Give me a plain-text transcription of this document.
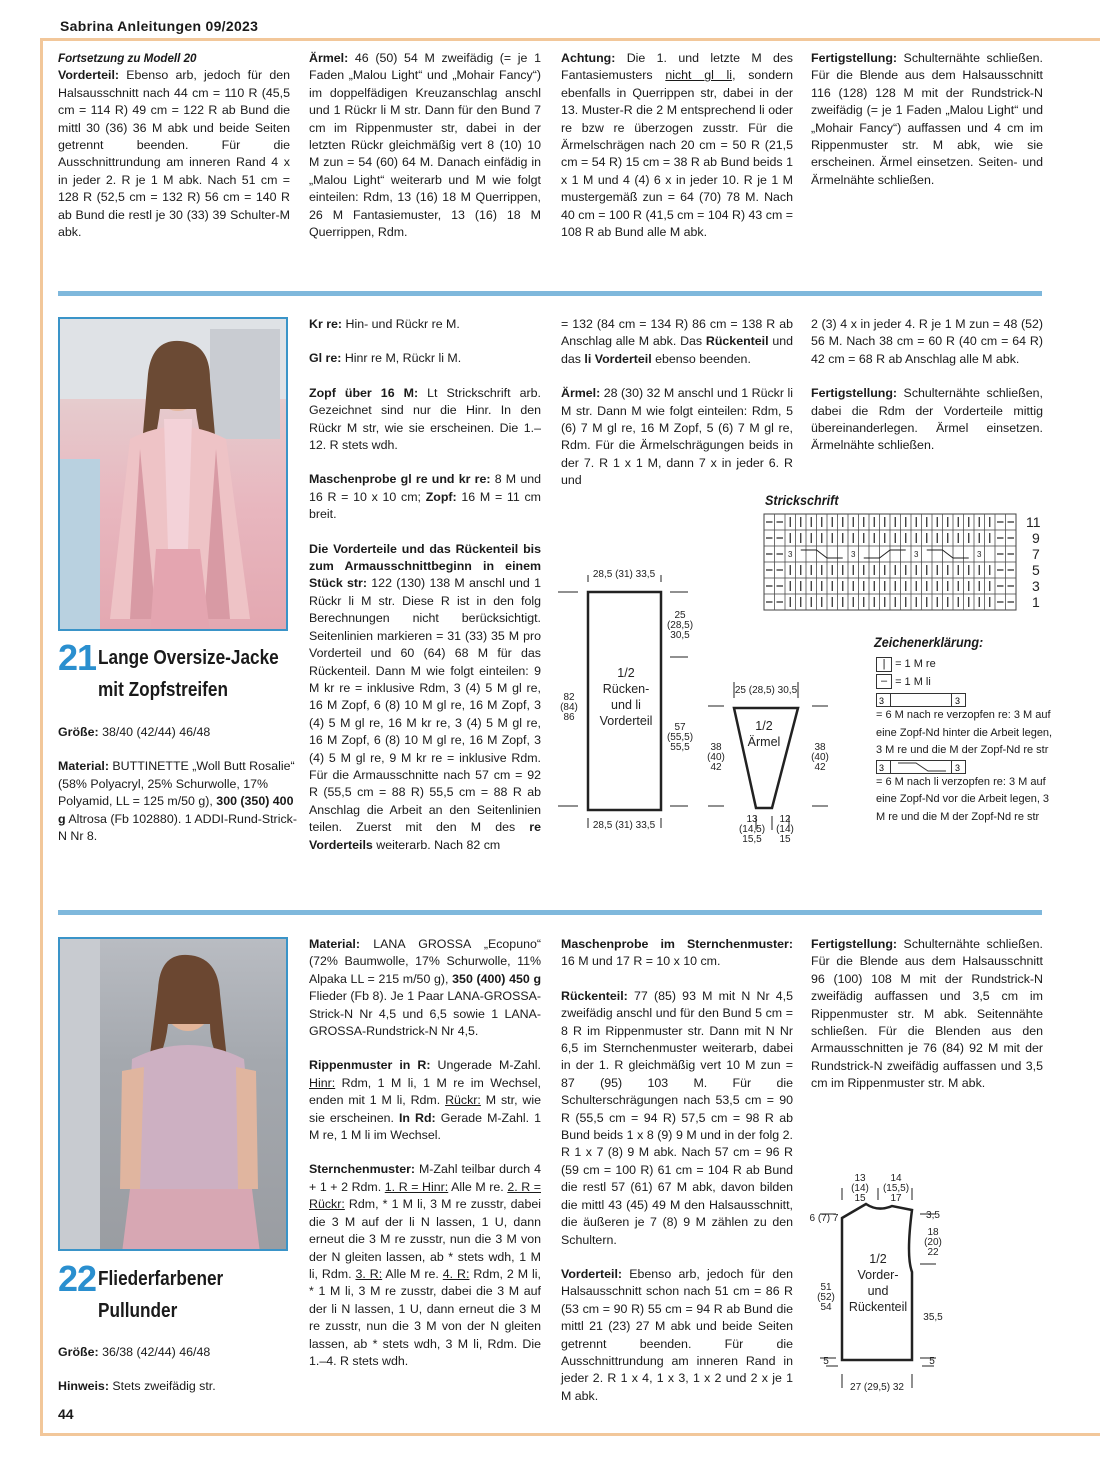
Sabrina Anleitungen 09/2023
Fortsetzung zu Modell 20

Vorderteil: Ebenso arb, jedoch für den Halsausschnitt nach 44 cm = 110 R (45,5 cm = 114 R) 49 cm = 122 R ab Bund die mittl 30 (36) 36 M abk und beide Seiten getrennt beenden. Für die Ausschnittrundung am inneren Rand 4 x in jeder 2. R je 1 M abk. Nach 51 cm = 128 R (52,5 cm = 132 R) 56 cm = 140 R ab Bund die restl je 30 (33) 39 Schulter-M abk.

Ärmel: 46 (50) 54 M zweifädig (= je 1 Faden „Malou Light“ und „Mohair Fancy“) im doppelfädigen Kreuzanschlag anschl und 1 Rückr li M str. Dann für den Bund 7 cm im Rippenmuster str, dabei in der letzten Rückr gleichmäßig vert 8 (10) 10 M zun = 54 (60) 64 M. Danach einfädig in „Malou Light“ weiterarb und M wie folgt einteilen: Rdm, 13 (16) 18 M Querrippen, 26 M Fantasiemuster, 13 (16) 18 M Querrippen, Rdm.

Achtung: Die 1. und letzte M des Fantasiemusters nicht gl li, sondern ebenfalls in Querrippen str, dabei in der 13. Muster-R die 2 M entsprechend li oder re bzw re überzogen zusstr. Für die Ärmelschrägen nach 20 cm = 50 R (21,5 cm = 54 R) 15 cm = 38 R ab Bund beids 1 x 1 M und 4 (4) 6 x in jeder 10. R je 1 M mustergemäß zun = 64 (70) 78 M. Nach 40 cm = 100 R (41,5 cm = 104 R) 43 cm = 108 R ab Bund alle M abk.

Fertigstellung: Schulternähte schließen. Für die Blende aus dem Halsausschnitt 116 (128) 128 M mit der Rundstrick-N zweifädig (= je 1 Faden „Malou Light“ und „Mohair Fancy“) auffassen und 4 cm im Rippenmuster str. M abk, wie sie erscheinen. Ärmel einsetzen. Seiten- und Ärmelnähte schließen.

21 Lange Oversize-Jacke
mit Zopfstreifen

Größe: 38/40 (42/44) 46/48

Material: BUTTINETTE „Woll Butt Rosalie“ (58% Polyacryl, 25% Schurwolle, 17% Polyamid, LL = 125 m/50 g), 300 (350) 400 g Altrosa (Fb 102880). 1 ADDI-Rund-Strick-N Nr 8.

Kr re: Hin- und Rückr re M.

Gl re: Hinr re M, Rückr li M.

Zopf über 16 M: Lt Strickschrift arb. Gezeichnet sind nur die Hinr. In den Rückr M str, wie sie erscheinen. Die 1.–12. R stets wdh.

Maschenprobe gl re und kr re: 8 M und 16 R = 10 x 10 cm; Zopf: 16 M = 11 cm breit.

Die Vorderteile und das Rückenteil bis zum Armausschnittbeginn in einem Stück str: 122 (130) 138 M anschl und 1 Rückr li M str. Diese R ist in den folg Berechnungen nicht berücksichtigt. Seitenlinien markieren = 31 (33) 35 M pro Vorderteil und 60 (64) 68 M für das Rückenteil. Dann M wie folgt einteilen: 9 M kr re = inklusive Rdm, 3 (4) 5 M gl re, 16 M Zopf, 6 (8) 10 M gl re, 16 M Zopf, 3 (4) 5 M gl re, 16 M kr re, 3 (4) 5 M gl re, 16 M Zopf, 6 (8) 10 M gl re, 16 M Zopf, 3 (4) 5 M gl re, 9 M kr re = inklusive Rdm. Für die Armausschnitte nach 57 cm = 92 R (55,5 cm = 88 R) 55,5 cm = 88 R ab Anschlag die Arbeit an den Seitenlinien teilen. Zuerst mit den M des re Vorderteils weiterarb. Nach 82 cm

= 132 (84 cm = 134 R) 86 cm = 138 R ab Anschlag alle M abk. Das Rückenteil und das li Vorderteil ebenso beenden.

Ärmel: 28 (30) 32 M anschl und 1 Rückr li M str. Dann M wie folgt einteilen: Rdm, 5 (6) 7 M gl re, 16 M Zopf, 5 (6) 7 M gl re, Rdm. Für die Ärmelschrägungen beids in der 7. R 1 x 1 M, dann 7 x in jeder 6. R und

2 (3) 4 x in jeder 4. R je 1 M zun = 48 (52) 56 M. Nach 38 cm = 60 R (40 cm = 64 R) 42 cm = 68 R ab Anschlag alle M abk.

Fertigstellung: Schulternähte schließen, dabei die Rdm der Vorderteile mittig übereinanderlegen. Ärmel einsetzen. Ärmelnähte schließen.

Strickschrift
3	3
3	3
11
9
7
5
3
1
Zeichenerklärung:
| = 1 M re
– = 1 M li
3	3
= 6 M nach re verzopfen re: 3 M auf eine Zopf-Nd hinter die Arbeit legen, 3 M re und die M der Zopf-Nd re str
3	3
= 6 M nach li verzopfen re: 3 M auf eine Zopf-Nd vor die Arbeit legen, 3 M re und die M der Zopf-Nd re str
28,5 (31) 33,5
28,5 (31) 33,5
82
(84)
86
25
(28,5)
30,5
57
(55,5)
55,5 38
(40)
42
38
(40)
42
25 (28,5) 30,5
13
(14,5)
15,5
12
(14)
15
1/2
Rücken-
und li
Vorderteil	1/2
Ärmel
22 Fliederfarbener
Pullunder

Größe: 36/38 (42/44) 46/48

Hinweis: Stets zweifädig str.

Material: LANA GROSSA „Ecopuno“ (72% Baumwolle, 17% Schurwolle, 11% Alpaka LL = 215 m/50 g), 350 (400) 450 g Flieder (Fb 8). Je 1 Paar LANA-GROSSA-Strick-N Nr 4,5 und 6,5 sowie 1 LANA-GROSSA-Rundstrick-N Nr 4,5.

Rippenmuster in R: Ungerade M-Zahl. Hinr: Rdm, 1 M li, 1 M re im Wechsel, enden mit 1 M li, Rdm. Rückr: M str, wie sie erscheinen. In Rd: Gerade M-Zahl. 1 M re, 1 M li im Wechsel.

Sternchenmuster: M-Zahl teilbar durch 4 + 1 + 2 Rdm. 1. R = Hinr: Alle M re. 2. R = Rückr: Rdm, * 1 M li, 3 M re zusstr, dabei die 3 M auf der li N lassen, 1 U, dann erneut die 3 M re zusstr, nun die 3 M von der N gleiten lassen, ab * stets wdh, 1 M li, Rdm. 3. R: Alle M re. 4. R: Rdm, 2 M li, * 1 M li, 3 M re zusstr, dabei die 3 M auf der li N lassen, 1 U, dann erneut die 3 M re zusstr, nun die 3 M von der N gleiten lassen, ab * stets wdh, 3 M li, Rdm. Die 1.–4. R stets wdh.

Maschenprobe im Sternchenmuster: 16 M und 17 R = 10 x 10 cm.

Rückenteil: 77 (85) 93 M mit N Nr 4,5 zweifädig anschl und für den Bund 5 cm = 8 R im Rippenmuster str. Dann mit N Nr 6,5 im Sternchenmuster weiterarb, dabei in der 1. R gleichmäßig vert 10 M zun = 87 (95) 103 M. Für die Schulterschrägungen nach 53,5 cm = 90 R (55,5 cm = 94 R) 57,5 cm = 98 R ab Bund beids 1 x 8 (9) 9 M und in der folg 2. R 1 x 7 (8) 9 M abk. Nach 57 cm = 96 R (59 cm = 100 R) 61 cm = 104 R ab Bund die restl 57 (61) 67 M abk, davon bilden die mittl 43 (45) 49 M den Halsausschnitt, die äußeren je 7 (8) 9 M zählen zu den Schultern.

Vorderteil: Ebenso arb, jedoch für den Halsausschnitt schon nach 51 cm = 86 R (53 cm = 90 R) 55 cm = 94 R ab Bund die mittl 21 (23) 27 M abk und beide Seiten getrennt beenden. Für die Ausschnittrundung am inneren Rand in jeder 2. R 1 x 4, 1 x 3, 1 x 2 und 2 x je 1 M abk.

Fertigstellung: Schulternähte schließen. Für die Blende aus dem Halsausschnitt 96 (100) 108 M mit der Rundstrick-N zweifädig auffassen und 3,5 cm im Rippenmuster str. M abk. Seitennähte schließen. Für die Blenden aus den Armausschnitten je 76 (84) 92 M mit der Rundstrick-N zweifädig auffassen und 3,5 cm im Rippenmuster str. M abk.

13
(14)
15
14
(15,5)
17
6 (7) 7	3,5
18
(20)
22
51
(52)
54
35,5
5	5
27 (29,5) 32
1/2
Vorder-
und
Rückenteil
44
